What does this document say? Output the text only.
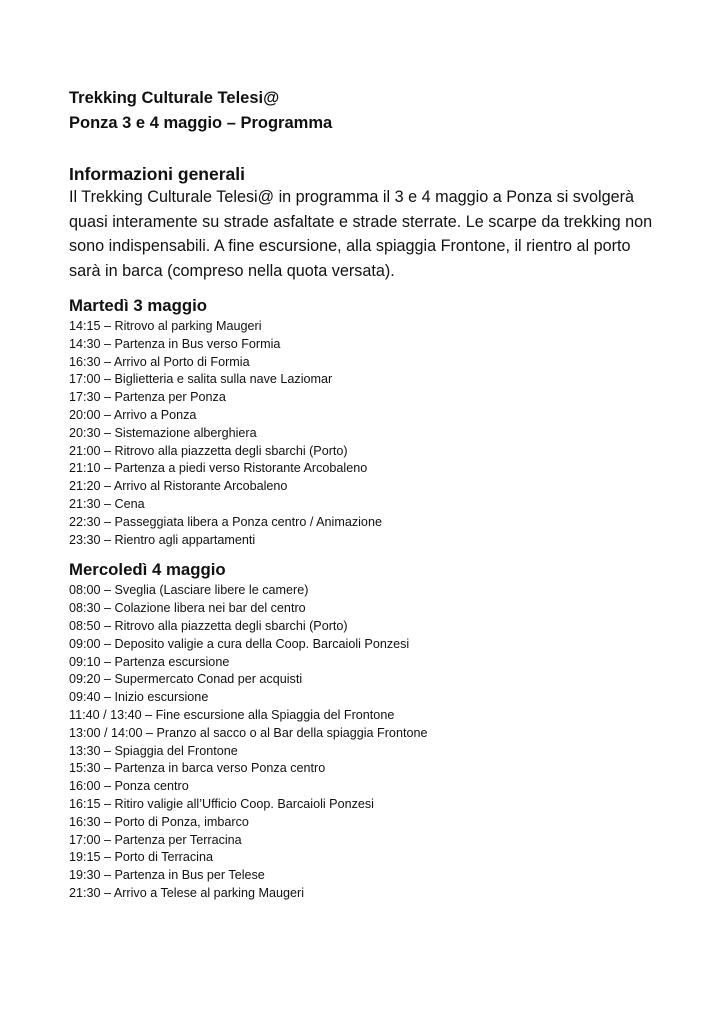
Trekking Culturale Telesi@

Ponza 3 e 4 maggio – Programma

Informazioni generali

Il Trekking Culturale Telesi@ in programma il 3 e 4 maggio a Ponza si svolgerà quasi interamente su strade asfaltate e strade sterrate. Le scarpe da trekking non sono indispensabili. A fine escursione, alla spiaggia Frontone, il rientro al porto sarà in barca (compreso nella quota versata).

Martedì 3 maggio

14:15 – Ritrovo al parking Maugeri
14:30 – Partenza in Bus verso Formia
16:30 – Arrivo al Porto di Formia
17:00 – Biglietteria e salita sulla nave Laziomar
17:30 – Partenza per Ponza
20:00 – Arrivo a Ponza
20:30 – Sistemazione alberghiera
21:00 – Ritrovo alla piazzetta degli sbarchi (Porto)
21:10 – Partenza a piedi verso Ristorante Arcobaleno
21:20 – Arrivo al Ristorante Arcobaleno
21:30 – Cena
22:30 – Passeggiata libera a Ponza centro / Animazione
23:30 – Rientro agli appartamenti

Mercoledì 4 maggio

08:00 – Sveglia (Lasciare libere le camere)
08:30 – Colazione libera nei bar del centro
08:50 – Ritrovo alla piazzetta degli sbarchi (Porto)
09:00 – Deposito valigie a cura della Coop. Barcaioli Ponzesi
09:10 – Partenza escursione
09:20 – Supermercato Conad per acquisti
09:40 – Inizio escursione
11:40 / 13:40 – Fine escursione alla Spiaggia del Frontone
13:00 / 14:00 – Pranzo al sacco o al Bar della spiaggia Frontone
13:30 – Spiaggia del Frontone
15:30 – Partenza in barca verso Ponza centro
16:00 – Ponza centro
16:15 – Ritiro valigie all’Ufficio Coop. Barcaioli Ponzesi
16:30 – Porto di Ponza, imbarco
17:00 – Partenza per Terracina
19:15 – Porto di Terracina
19:30 – Partenza in Bus per Telese
21:30 – Arrivo a Telese al parking Maugeri
